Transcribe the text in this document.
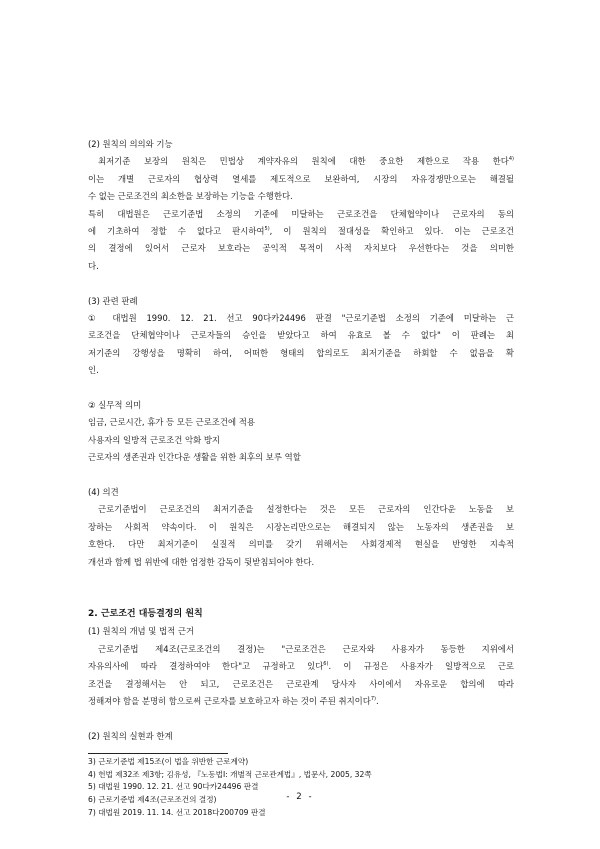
(2) 원칙의 의의와 기능
최저기준 보장의 원칙은 민법상 계약자유의 원칙에 대한 중요한 제한으로 작용 한다$^{4)}$
이는 개별 근로자의 협상력 열세를 제도적으로 보완하여, 시장의 자유경쟁만으로는 해결될
수 없는 근로조건의 최소한을 보장하는 기능을 수행한다.
특히 대법원은 근로기준법 소정의 기준에 미달하는 근로조건을 단체협약이나 근로자의 동의
에 기초하여 정할 수 없다고 판시하여$^{5)}$, 이 원칙의 절대성을 확인하고 있다. 이는 근로조건
의 결정에 있어서 근로자 보호라는 공익적 목적이 사적 자치보다 우선한다는 것을 의미한
다.
(3) 관련 판례
① 대법원 1990. 12. 21. 선고 90다카24496 판결 "근로기준법 소정의 기준에 미달하는 근
로조건을 단체협약이나 근로자들의 승인을 받았다고 하여 유효로 볼 수 없다" 이 판례는 최
저기준의 강행성을 명확히 하여, 어떠한 형태의 합의로도 최저기준을 하회할 수 없음을 확
인.
② 실무적 의미
임금, 근로시간, 휴가 등 모든 근로조건에 적용
사용자의 일방적 근로조건 악화 방지
근로자의 생존권과 인간다운 생활을 위한 최후의 보루 역할
(4) 의견
근로기준법이 근로조건의 최저기준을 설정한다는 것은 모든 근로자의 인간다운 노동을 보
장하는 사회적 약속이다. 이 원칙은 시장논리만으로는 해결되지 않는 노동자의 생존권을 보
호한다. 다만 최저기준이 실질적 의미를 갖기 위해서는 사회경제적 현실을 반영한 지속적
개선과 함께 법 위반에 대한 엄정한 감독이 뒷받침되어야 한다.
2. 근로조건 대등결정의 원칙
(1) 원칙의 개념 및 법적 근거
근로기준법 제4조(근로조건의 결정)는 "근로조건은 근로자와 사용자가 동등한 지위에서
자유의사에 따라 결정하여야 한다"고 규정하고 있다$^{6)}$. 이 규정은 사용자가 일방적으로 근로
조건을 결정해서는 안 되고, 근로조건은 근로관계 당사자 사이에서 자유로운 합의에 따라
정해져야 함을 분명히 함으로써 근로자를 보호하고자 하는 것이 주된 취지이다$^{7)}$.
(2) 원칙의 실현과 한계
3) 근로기준법 제15조(이 법을 위반한 근로계약)
4) 헌법 제32조 제3항; 김유성, 『노동법Ⅰ: 개별적 근로관계법』, 법문사, 2005, 32쪽
5) 대법원 1990. 12. 21. 선고 90다카24496 판결
6) 근로기준법 제4조(근로조건의 결정)
7) 대법원 2019. 11. 14. 선고 2018다200709 판결
- 2 -
